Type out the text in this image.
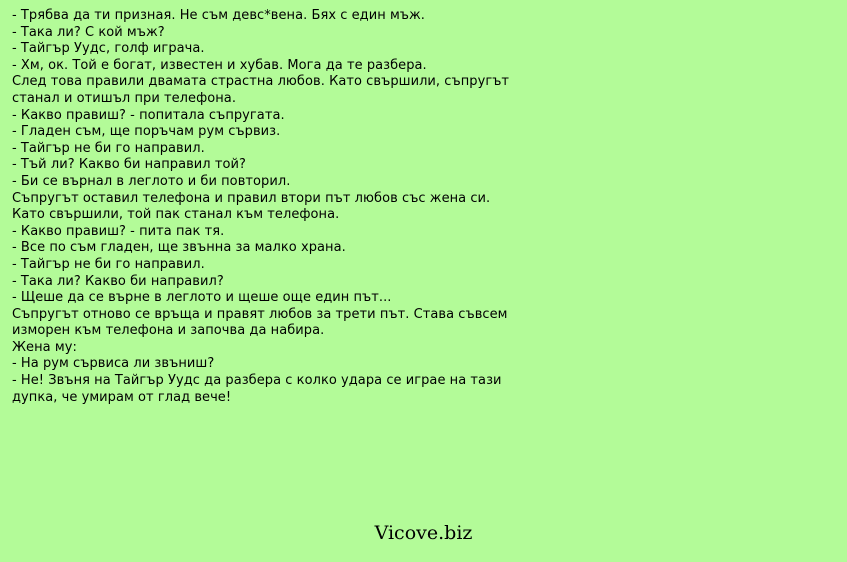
- Трябва да ти призная. Не съм девс*вена. Бях с един мъж.
- Така ли? С кой мъж?
- Тайгър Уудс, голф играча.
- Хм, ок. Той е богат, известен и хубав. Мога да те разбера.
След това правили двамата страстна любов. Като свършили, съпругът
станал и отишъл при телефона.
- Какво правиш? - попитала съпругата.
- Гладен съм, ще поръчам рум сървиз.
- Тайгър не би го направил.
- Тъй ли? Какво би направил той?
- Би се върнал в леглото и би повторил.
Съпругът оставил телефона и правил втори път любов със жена си.
Като свършили, той пак станал към телефона.
- Какво правиш? - пита пак тя.
- Все по съм гладен, ще звънна за малко храна.
- Тайгър не би го направил.
- Така ли? Какво би направил?
- Щеше да се върне в леглото и щеше още един път...
Съпругът отново се връща и правят любов за трети път. Става съвсем
изморен към телефона и започва да набира.
Жена му:
- На рум сървиса ли звъниш?
- Не! Звъня на Тайгър Уудс да разбера с колко удара се играе на тази
дупка, че умирам от глад вече!
Vicove.biz
